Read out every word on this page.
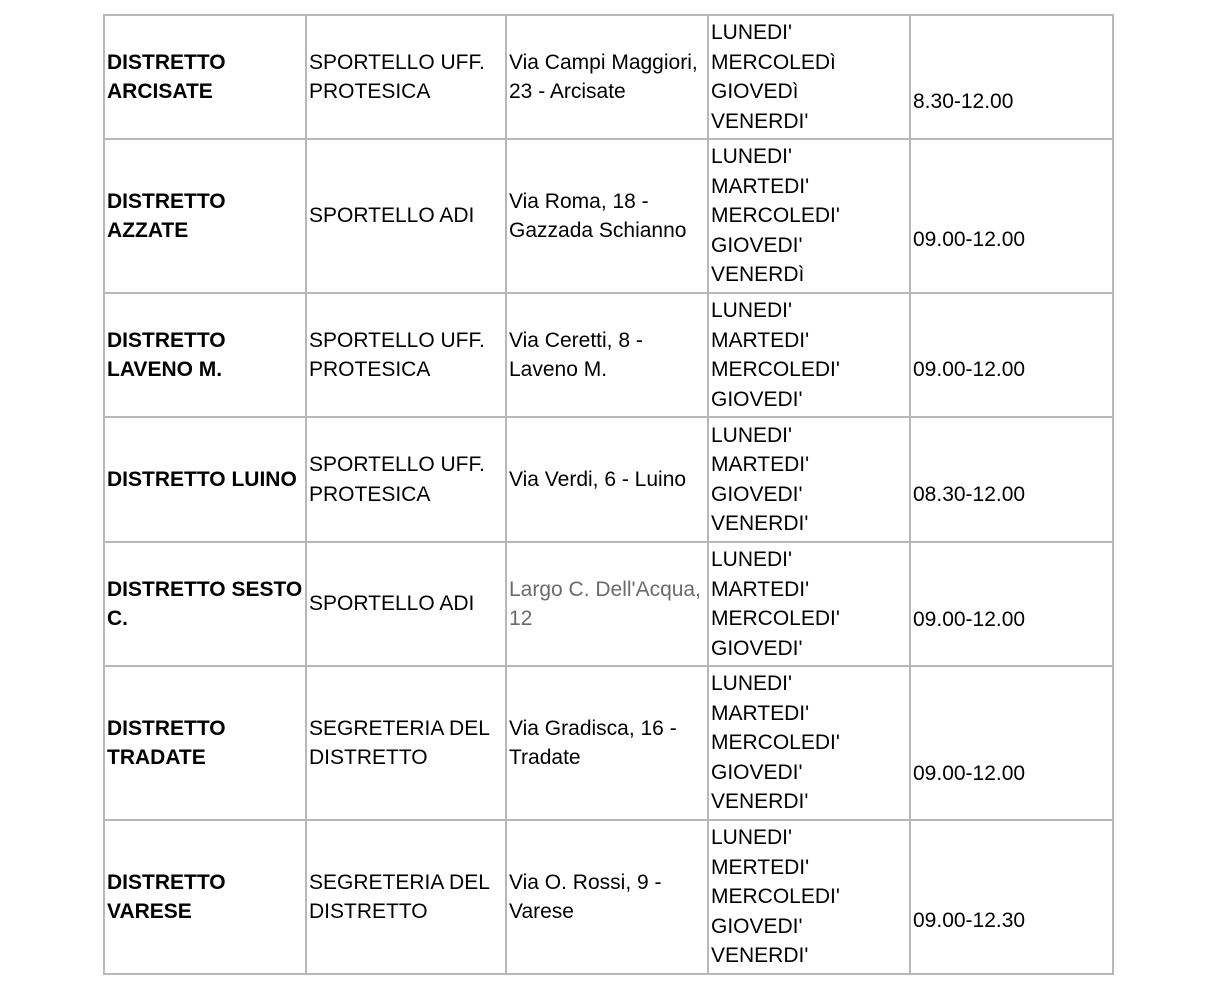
DISTRETTO ARCISATE	SPORTELLO UFF. PROTESICA	Via Campi Maggiori, 23 - Arcisate	LUNEDI'
MERCOLEDì
GIOVEDì
VENERDI'	8.30-12.00

DISTRETTO AZZATE	SPORTELLO ADI	Via Roma, 18 - Gazzada Schianno	LUNEDI'
MARTEDI'
MERCOLEDI'
GIOVEDI'
VENERDì	09.00-12.00

DISTRETTO LAVENO M.	SPORTELLO UFF. PROTESICA	Via Ceretti, 8 - Laveno M.	LUNEDI'
MARTEDI'
MERCOLEDI'
GIOVEDI'	09.00-12.00

DISTRETTO LUINO	SPORTELLO UFF. PROTESICA	Via Verdi, 6 - Luino	LUNEDI'
MARTEDI'
GIOVEDI'
VENERDI'	08.30-12.00

DISTRETTO SESTO C.	SPORTELLO ADI	Largo C. Dell'Acqua, 12	LUNEDI'
MARTEDI'
MERCOLEDI'
GIOVEDI'	09.00-12.00

DISTRETTO TRADATE	SEGRETERIA DEL DISTRETTO	Via Gradisca, 16 - Tradate	LUNEDI'
MARTEDI'
MERCOLEDI'
GIOVEDI'
VENERDI'	09.00-12.00

DISTRETTO VARESE	SEGRETERIA DEL DISTRETTO	Via O. Rossi, 9 - Varese	LUNEDI'
MERTEDI'
MERCOLEDI'
GIOVEDI'
VENERDI'	09.00-12.30
